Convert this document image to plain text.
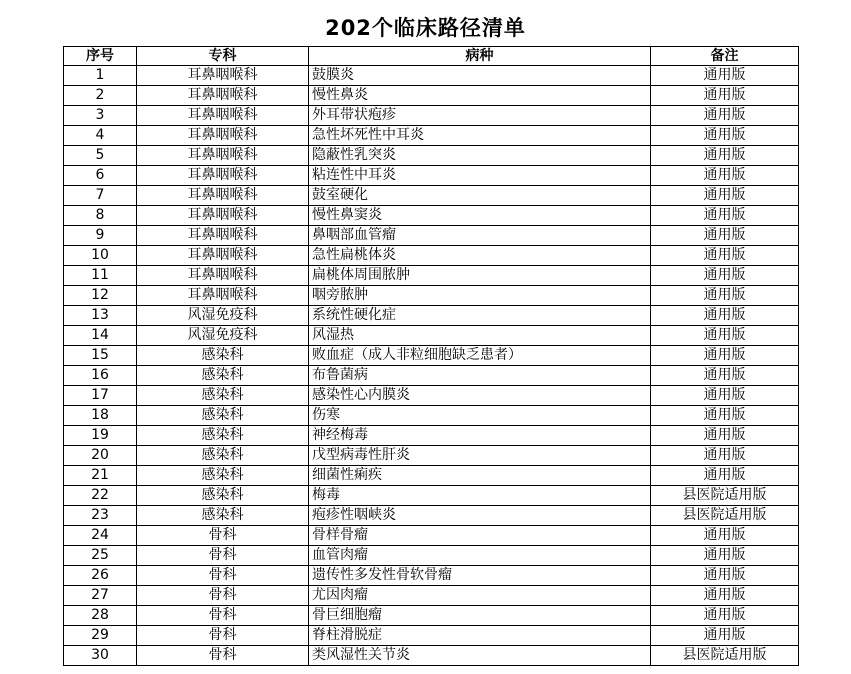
202个临床路径清单
序号	专科	病种	备注
1	耳鼻咽喉科	鼓膜炎	通用版
2	耳鼻咽喉科	慢性鼻炎	通用版
3	耳鼻咽喉科	外耳带状疱疹	通用版
4	耳鼻咽喉科	急性坏死性中耳炎	通用版
5	耳鼻咽喉科	隐蔽性乳突炎	通用版
6	耳鼻咽喉科	粘连性中耳炎	通用版
7	耳鼻咽喉科	鼓室硬化	通用版
8	耳鼻咽喉科	慢性鼻窦炎	通用版
9	耳鼻咽喉科	鼻咽部血管瘤	通用版
10	耳鼻咽喉科	急性扁桃体炎	通用版
11	耳鼻咽喉科	扁桃体周围脓肿	通用版
12	耳鼻咽喉科	咽旁脓肿	通用版
13	风湿免疫科	系统性硬化症	通用版
14	风湿免疫科	风湿热	通用版
15	感染科	败血症（成人非粒细胞缺乏患者）	通用版
16	感染科	布鲁菌病	通用版
17	感染科	感染性心内膜炎	通用版
18	感染科	伤寒	通用版
19	感染科	神经梅毒	通用版
20	感染科	戊型病毒性肝炎	通用版
21	感染科	细菌性痢疾	通用版
22	感染科	梅毒	县医院适用版
23	感染科	疱疹性咽峡炎	县医院适用版
24	骨科	骨样骨瘤	通用版
25	骨科	血管肉瘤	通用版
26	骨科	遗传性多发性骨软骨瘤	通用版
27	骨科	尤因肉瘤	通用版
28	骨科	骨巨细胞瘤	通用版
29	骨科	脊柱滑脱症	通用版
30	骨科	类风湿性关节炎	县医院适用版
